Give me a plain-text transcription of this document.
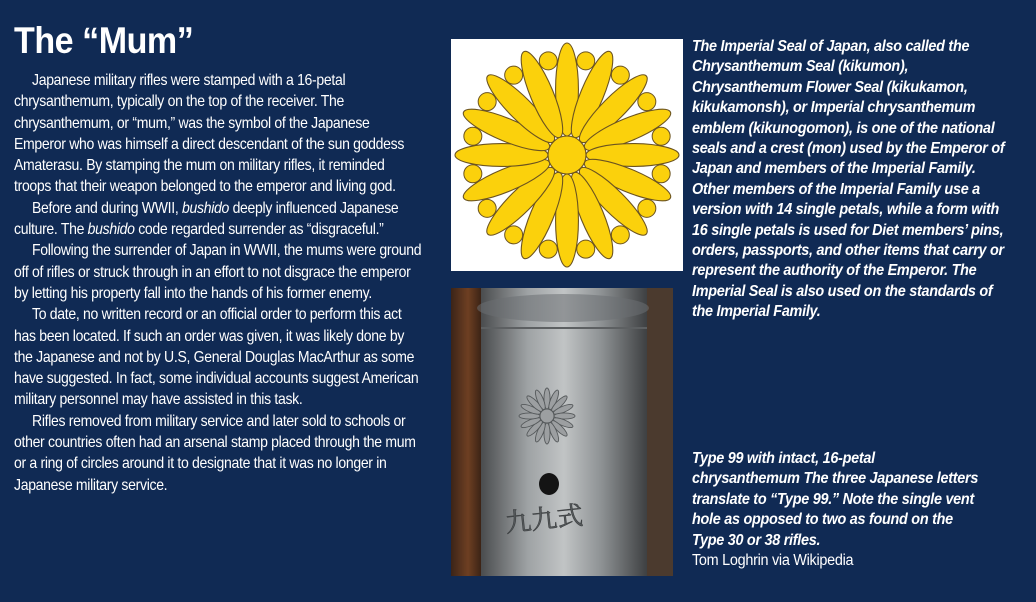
The “Mum”

Japanese military rifles were stamped with a 16-petal chrysanthemum, typically on the top of the receiver. The chrysanthemum, or “mum,” was the symbol of the Japanese Emperor who was himself a direct descendant of the sun goddess Amaterasu. By stamping the mum on military rifles, it reminded troops that their weapon belonged to the emperor and living god.

Before and during WWII, bushido deeply influenced Japanese culture. The bushido code regarded surrender as “disgraceful.”

Following the surrender of Japan in WWII, the mums were ground off of rifles or struck through in an effort to not disgrace the emperor by letting his property fall into the hands of his former enemy.

To date, no written record or an official order to perform this act has been located. If such an order was given, it was likely done by the Japanese and not by U.S, General Douglas MacArthur as some have suggested. In fact, some individual accounts suggest American military personnel may have assisted in this task.

Rifles removed from military service and later sold to schools or other countries often had an arsenal stamp placed through the mum or a ring of circles around it to designate that it was no longer in Japanese military service.

九九式
The Imperial Seal of Japan, also called the Chrysanthemum Seal (kikumon), Chrysanthemum Flower Seal (kikukamon, kikukamonsh), or Imperial chrysanthemum emblem (kikunogomon), is one of the national seals and a crest (mon) used by the Emperor of Japan and members of the Imperial Family. Other members of the Imperial Family use a version with 14 single petals, while a form with 16 single petals is used for Diet members’ pins, orders, passports, and other items that carry or represent the authority of the Emperor. The Imperial Seal is also used on the standards of the Imperial Family.
Type 99 with intact, 16-petal chrysanthemum The three Japanese letters translate to “Type 99.” Note the single vent hole as opposed to two as found on the Type 30 or 38 rifles.
Tom Loghrin via Wikipedia
